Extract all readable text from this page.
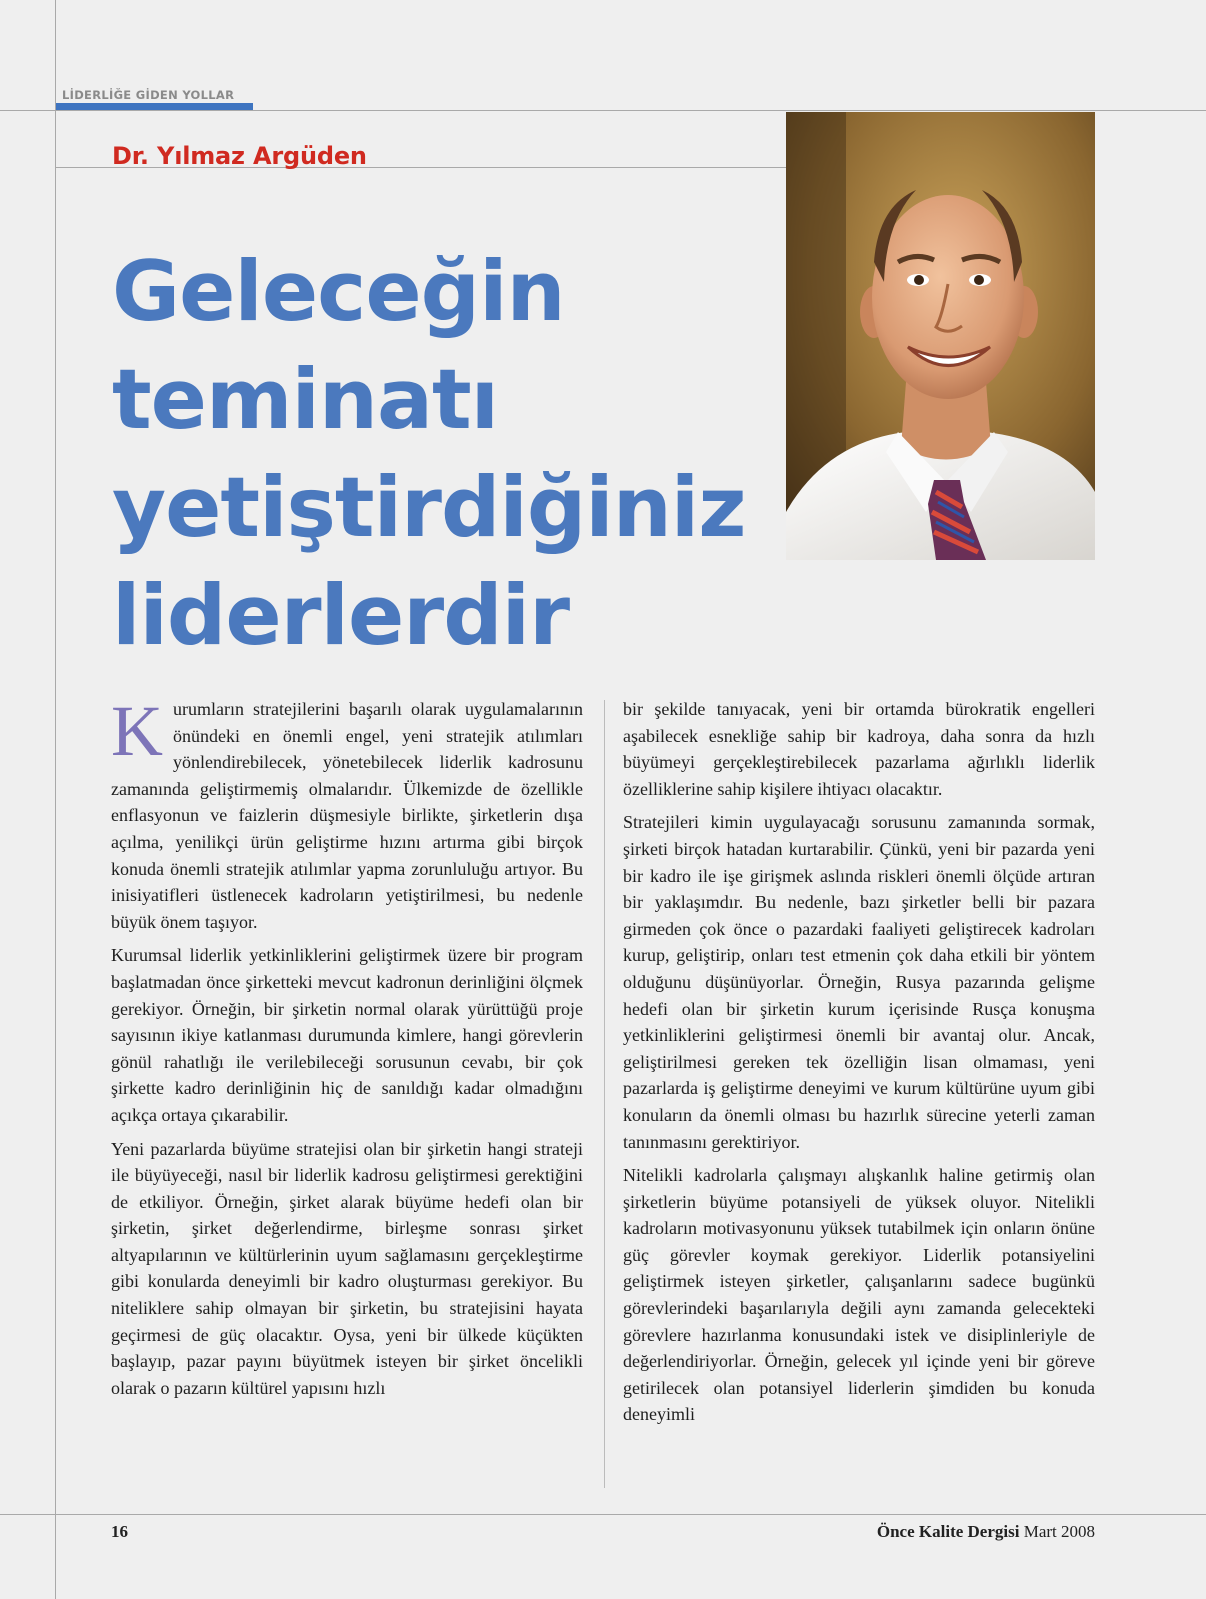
LİDERLİĞE GİDEN YOLLAR
Dr. Yılmaz Argüden
Geleceğin
teminatı
yetiştirdiğiniz
liderlerdir

Kurumların stratejilerini başarılı olarak uygulamalarının önündeki en önemli engel, yeni stratejik atılımları yönlendirebilecek, yönetebilecek liderlik kadrosunu zamanında geliştirmemiş olmalarıdır. Ülkemizde de özellikle enflasyonun ve faizlerin düşmesiyle birlikte, şirketlerin dışa açılma, yenilikçi ürün geliştirme hızını artırma gibi birçok konuda önemli stratejik atılımlar yapma zorunluluğu artıyor. Bu inisiyatifleri üstlenecek kadroların yetiştirilmesi, bu nedenle büyük önem taşıyor.

Kurumsal liderlik yetkinliklerini geliştirmek üzere bir program başlatmadan önce şirketteki mevcut kadronun derinliğini ölçmek gerekiyor. Örneğin, bir şirketin normal olarak yürüttüğü proje sayısının ikiye katlanması durumunda kimlere, hangi görevlerin gönül rahatlığı ile verilebileceği sorusunun cevabı, bir çok şirkette kadro derinliğinin hiç de sanıldığı kadar olmadığını açıkça ortaya çıkarabilir.

Yeni pazarlarda büyüme stratejisi olan bir şirketin hangi strateji ile büyüyeceği, nasıl bir liderlik kadrosu geliştirmesi gerektiğini de etkiliyor. Örneğin, şirket alarak büyüme hedefi olan bir şirketin, şirket değerlendirme, birleşme sonrası şirket altyapılarının ve kültürlerinin uyum sağlamasını gerçekleştirme gibi konularda deneyimli bir kadro oluşturması gerekiyor. Bu niteliklere sahip olmayan bir şirketin, bu stratejisini hayata geçirmesi de güç olacaktır. Oysa, yeni bir ülkede küçükten başlayıp, pazar payını büyütmek isteyen bir şirket öncelikli olarak o pazarın kültürel yapısını hızlı

bir şekilde tanıyacak, yeni bir ortamda bürokratik engelleri aşabilecek esnekliğe sahip bir kadroya, daha sonra da hızlı büyümeyi gerçekleştirebilecek pazarlama ağırlıklı liderlik özelliklerine sahip kişilere ihtiyacı olacaktır.

Stratejileri kimin uygulayacağı sorusunu zamanında sormak, şirketi birçok hatadan kurtarabilir. Çünkü, yeni bir pazarda yeni bir kadro ile işe girişmek aslında riskleri önemli ölçüde artıran bir yaklaşımdır. Bu nedenle, bazı şirketler belli bir pazara girmeden çok önce o pazardaki faaliyeti geliştirecek kadroları kurup, geliştirip, onları test etmenin çok daha etkili bir yöntem olduğunu düşünüyorlar. Örneğin, Rusya pazarında gelişme hedefi olan bir şirketin kurum içerisinde Rusça konuşma yetkinliklerini geliştirmesi önemli bir avantaj olur. Ancak, geliştirilmesi gereken tek özelliğin lisan olmaması, yeni pazarlarda iş geliştirme deneyimi ve kurum kültürüne uyum gibi konuların da önemli olması bu hazırlık sürecine yeterli zaman tanınmasını gerektiriyor.

Nitelikli kadrolarla çalışmayı alışkanlık haline getirmiş olan şirketlerin büyüme potansiyeli de yüksek oluyor. Nitelikli kadroların motivasyonunu yüksek tutabilmek için onların önüne güç görevler koymak gerekiyor. Liderlik potansiyelini geliştirmek isteyen şirketler, çalışanlarını sadece bugünkü görevlerindeki başarılarıyla değili aynı zamanda gelecekteki görevlere hazırlanma konusundaki istek ve disiplinleriyle de değerlendiriyorlar. Örneğin, gelecek yıl içinde yeni bir göreve getirilecek olan potansiyel liderlerin şimdiden bu konuda deneyimli

16	Önce Kalite Dergisi Mart 2008
